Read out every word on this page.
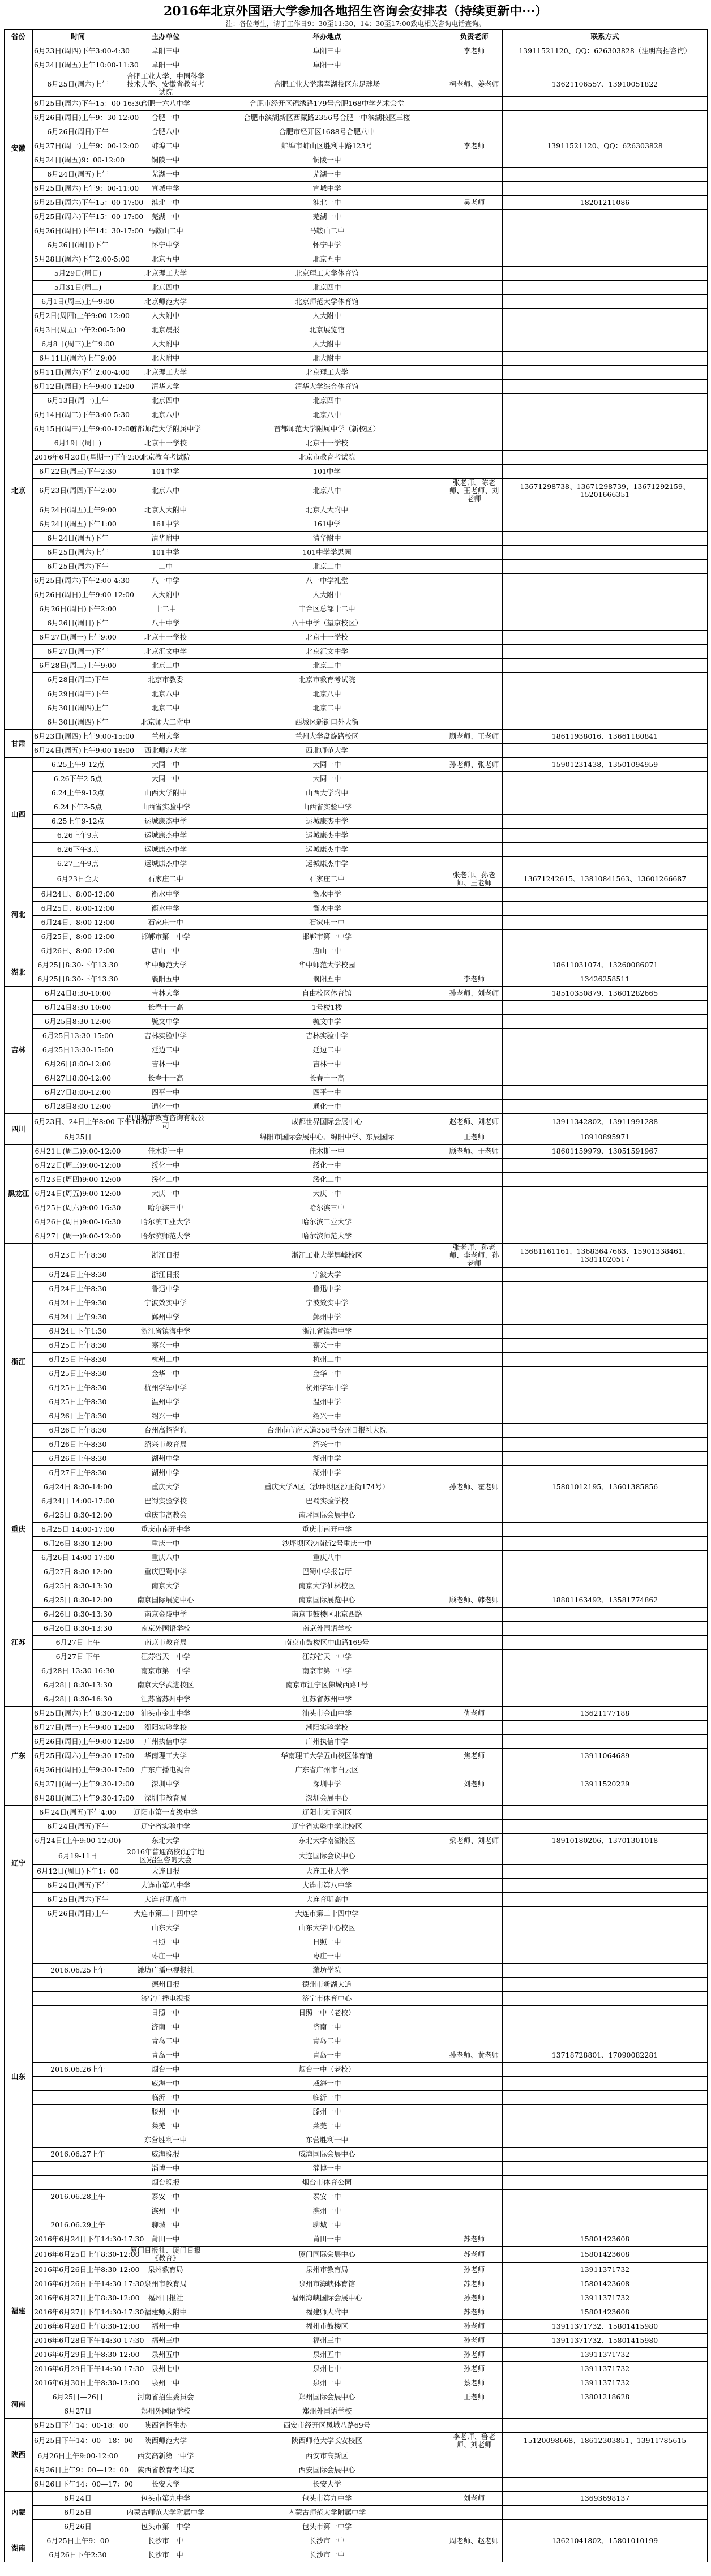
2016年北京外国语大学参加各地招生咨询会安排表（持续更新中···）
注：各位考生，请于工作日9：30至11:30，14：30至17:00致电相关咨询电话查询。
省份	时间	主办单位	举办地点	负责老师	联系方式
安徽	6月23日(周四)下午3:00-4:30	阜阳三中	阜阳三中	李老师	13911521120、QQ：626303828（注明高招咨询）
	6月24日(周五)上午10:00-11:30	阜阳一中	阜阳一中		
	6月25日(周六)上午	合肥工业大学、中国科学技术大学、安徽省教育考试院	合肥工业大学翡翠湖校区东足球场	柯老师、姜老师	13621106557、13910051822
	6月25日(周六)下午15：00-16:30	合肥一六八中学	合肥市经开区锦绣路179号合肥168中学艺术会堂		
	6月26日(周日)上午9：30-12:00	合肥一中	合肥市滨湖新区西藏路2356号合肥一中滨湖校区三楼		
	6月26日(周日)下午	合肥八中	合肥市经开区1688号合肥八中		
	6月27日(周一)上午9：00-12:00	蚌埠二中	蚌埠市蚌山区胜利中路123号	李老师	13911521120、QQ：626303828
	6月24日(周五)9：00-12:00	铜陵一中	铜陵一中		
	6月24日(周五)上午	芜湖一中	芜湖一中		
	6月25日(周六)上午9：00-11:00	宣城中学	宣城中学		
	6月25日(周六)下午15：00-17:00	淮北一中	淮北一中	吴老师	18201211086
	6月25日(周六)下午15：00-17:00	芜湖一中	芜湖一中		
	6月26日(周日)下午14：30-17:00	马鞍山二中	马鞍山二中		
	6月26日(周日)下午	怀宁中学	怀宁中学		
北京	5月28日(周六)下午2:00-5:00	北京五中	北京五中		
	5月29日(周日)	北京理工大学	北京理工大学体育馆		
	5月31日(周二)	北京四中	北京四中		
	6月1日(周三)上午9:00	北京师范大学	北京师范大学体育馆		
	6月2日(周四)上午9:00-12:00	人大附中	人大附中		
	6月3日(周五)下午2:00-5:00	北京晨报	北京展览馆		
	6月8日(周三)上午9:00	人大附中	人大附中		
	6月11日(周六)上午9:00	北大附中	北大附中		
	6月11日(周六)下午2:00-4:00	北京理工大学	北京理工大学		
	6月12日(周日)上午9:00-12:00	清华大学	清华大学综合体育馆		
	6月13日(周一)上午	北京四中	北京四中		
	6月14日(周二)下午3:00-5:30	北京八中	北京八中		
	6月15日(周三)上午9:00-12:00	首都师范大学附属中学	首都师范大学附属中学（新校区）		
	6月19日(周日)	北京十一学校	北京十一学校		
	2016年6月20日(星期一)下午2:00	北京教育考试院	北京市教育考试院		
	6月22日(周三)下午2:30	101中学	101中学		
	6月23日(周四)下午2:00	北京八中	北京八中	张老师、陈老师、王老师、刘老师	13671298738、13671298739、13671292159、15201666351
	6月24日(周五)上午9:00	北京人大附中	北京人大附中		
	6月24日(周五)下午1:00	161中学	161中学		
	6月24日(周五)下午	清华附中	清华附中		
	6月25日(周六)上午	101中学	101中学学思园		
	6月25日(周六)下午	二中	北京二中		
	6月25日(周六)下午2:00-4:30	八一中学	八一中学礼堂		
	6月26日(周日)上午9:00-12:00	人大附中	人大附中		
	6月26日(周日)下午2:00	十二中	丰台区总部十二中		
	6月26日(周日)下午	八十中学	八十中学（望京校区）		
	6月27日(周一)上午9:00	北京十一学校	北京十一学校		
	6月27日(周一)下午	北京汇文中学	北京汇文中学		
	6月28日(周二)上午9:00	北京二中	北京二中		
	6月28日(周二)下午	北京市教委	北京市教育考试院		
	6月29日(周三)下午	北京八中	北京八中		
	6月30日(周四)上午	北京二中	北京二中		
	6月30日(周四)下午	北京师大二附中	西城区新街口外大街		
甘肃	6月23日(周四)上午9:00-15:00	兰州大学	兰州大学盘旋路校区	顾老师、王老师	18611938016、13661180841
	6月24日(周五)上午9:00-18:00	西北师范大学	西北师范大学		
山西	6.25上午9-12点	大同一中	大同一中	孙老师、张老师	15901231438、13501094959
	6.26下午2-5点	大同一中	大同一中		
	6.24上午9-12点	山西大学附中	山西大学附中		
	6.24下午3-5点	山西省实验中学	山西省实验中学		
	6.25上午9-12点	运城康杰中学	运城康杰中学		
	6.26上午9点	运城康杰中学	运城康杰中学		
	6.26下午3点	运城康杰中学	运城康杰中学		
	6.27上午9点	运城康杰中学	运城康杰中学		
河北	6月23日全天	石家庄二中	石家庄二中	张老师、孙老师、王老师	13671242615、13810841563、13601266687
	6月24日、8:00-12:00	衡水中学	衡水中学		
	6月25日、8:00-12:00	衡水中学	衡水中学		
	6月24日、8:00-12:00	石家庄一中	石家庄一中		
	6月25日、8:00-12:00	邯郸市第一中学	邯郸市第一中学		
	6月26日、8:00-12:00	唐山一中	唐山一中		
湖北	6月25日8:30-下午13:30	华中师范大学	华中师范大学校园		18611031074、13260086071
	6月25日8:30-下午13:30	襄阳五中	襄阳五中	李老师	13426258511
吉林	6月24日8:30-10:00	吉林大学	自由校区体育馆	孙老师、刘老师	18510350879、13601282665
	6月24日8:30-10:00	长春十一高	1号楼1楼		
	6月25日8:30-12:00	毓文中学	毓文中学		
	6月25日13:30-15:00	吉林实验中学	吉林实验中学		
	6月25日13:30-15:00	延边二中	延边二中		
	6月26日8:00-12:00	吉林一中	吉林一中		
	6月27日8:00-12:00	长春十一高	长春十一高		
	6月27日8:00-12:00	四平一中	四平一中		
	6月28日8:00-12:00	通化一中	通化一中		
四川	6月23日、24日上午8:00-下午16:00	四川城市教育咨询有限公司	成都世界国际会展中心	赵老师、刘老师	13911342802、13911991288
	6月25日		绵阳市国际会展中心、绵阳中学、东辰国际	王老师	18910895971
黑龙江	6月21日(周二)9:00-12:00	佳木斯一中	佳木斯一中	顾老师、于老师	18601159979、13051591967
	6月22日(周三)9:00-12:00	绥化一中	绥化一中		
	6月23日(周四)9:00-12:00	绥化二中	绥化二中		
	6月24日(周五)9:00-12:00	大庆一中	大庆一中		
	6月25日(周六)9:00-16:30	哈尔滨三中	哈尔滨三中		
	6月26日(周日)9:00-16:30	哈尔滨工业大学	哈尔滨工业大学		
	6月27日(周一)9:00-12:00	哈尔滨师范大学	哈尔滨师范大学		
浙江	6月23日上午8:30	浙江日报	浙江工业大学屏峰校区	张老师、孙老师、李老师、孙老师	13681161161、13683647663、15901338461、13811020517
	6月24日上午8:30	浙江日报	宁波大学		
	6月24日上午8:30	鲁迅中学	鲁迅中学		
	6月24日上午9:30	宁波效实中学	宁波效实中学		
	6月24日上午9:30	鄞州中学	鄞州中学		
	6月24日下午1:30	浙江省镇海中学	浙江省镇海中学		
	6月25日上午8:30	嘉兴一中	嘉兴一中		
	6月25日上午8:30	杭州二中	杭州二中		
	6月25日上午8:30	金华一中	金华一中		
	6月25日上午8:30	杭州学军中学	杭州学军中学		
	6月25日上午8:30	温州中学	温州中学		
	6月26日上午8:30	绍兴一中	绍兴一中		
	6月26日上午8:30	台州高招咨询	台州市市府大道358号台州日报社大院		
	6月26日上午8:30	绍兴市教育局	绍兴一中		
	6月26日上午8:30	湖州中学	湖州中学		
	6月27日上午8:30	湖州中学	湖州中学		
重庆	6月24日 8:30-14:00	重庆大学	重庆大学A区（沙坪坝区沙正街174号）	孙老师、霍老师	15801012195、13601385856
	6月24日 14:00-17:00	巴蜀实验学校	巴蜀实验学校		
	6月25日 8:30-12:00	重庆市高教会	南坪国际会展中心		
	6月25日 14:00-17:00	重庆市南开中学	重庆市南开中学		
	6月26日 8:30-12:00	重庆一中	沙坪坝区沙南街2号重庆一中		
	6月26日 14:00-17:00	重庆八中	重庆八中		
	6月27日 8:30-12:00	重庆巴蜀中学	巴蜀中学报告厅		
江苏	6月25日 8:30-13:30	南京大学	南京大学仙林校区		
	6月25日 8:30-12:00	南京国际展览中心	南京国际展览中心	顾老师、韩老师	18801163492、13581774862
	6月26日 8:30-13:30	南京金陵中学	南京市鼓楼区北京西路		
	6月26日 8:30-13:30	南京外国语学校	南京外国语学校		
	6月27日 上午	南京市教育局	南京市鼓楼区中山路169号		
	6月27日 下午	江苏省天一中学	江苏省天一中学		
	6月28日 13:30-16:30	南京市第一中学	南京市第一中学		
	6月28日 8:30-13:30	南京大学武进校区	南京市江宁区佛城西路1号		
	6月28日 8:30-16:30	江苏省苏州中学	江苏省苏州中学		
广东	6月25日(周六)上午8:30-12:00	汕头市金山中学	汕头市金山中学	仇老师	13621177188
	6月27日(周一)上午9:00-12:00	潮阳实验学校	潮阳实验学校		
	6月26日(周日)上午9:00-12:00	广州执信中学	广州执信中学		
	6月25日(周六)上午9:30-17:00	华南理工大学	华南理工大学五山校区体育馆	焦老师	13911064689
	6月26日(周日)上午9:30-17:00	广东广播电视台	广东省广州市白云区		
	6月27日(周一)上午9:30-12:00	深圳中学	深圳中学	刘老师	13911520229
	6月28日(周二)上午9:30-17:00	深圳市教育局	深圳会展中心		
辽宁	6月24日(周五)下午4:00	辽阳市第一高级中学	辽阳市太子河区		
	6月24日(周五)下午	辽宁省实验中学	辽宁省实验中学北校区		
	6月24日(上午9:00-12:00)	东北大学	东北大学南湖校区	梁老师、刘老师	18910180206、13701301018
	6月19-11日	2016年普通高校(辽宁地区)招生咨询大会	大连国际会议中心		
	6月12日(周日)下午1：00	大连日报	大连工业大学		
	6月24日(周五)下午	大连市第八中学	大连市第八中学		
	6月25日(周六)下午	大连育明高中	大连育明高中		
	6月26日(周日)上午	大连市第二十四中学	大连市第二十四中学		
山东		山东大学	山东大学中心校区		
		日照一中	日照一中		
		枣庄一中	枣庄一中		
	2016.06.25上午	潍坊广播电视报社	潍坊学院		
		德州日报	德州市新湖大道		
		济宁广播电视报	济宁市体育中心		
		日照一中	日照一中（老校）		
		济南一中	济南一中		
		青岛二中	青岛二中		
		青岛一中	青岛一中	孙老师、黄老师	13718728801、17090082281
	2016.06.26上午	烟台一中	烟台一中（老校）		
		威海一中	威海一中		
		临沂一中	临沂一中		
		滕州一中	滕州一中		
		莱芜一中	莱芜一中		
		东营胜利一中	东营胜利一中		
	2016.06.27上午	威海晚报	威海国际会展中心		
		淄博一中	淄博一中		
		烟台晚报	烟台市体育公园		
	2016.06.28上午	泰安一中	泰安一中		
		滨州一中	滨州一中		
	2016.06.29上午	聊城一中	聊城一中		
福建	2016年6月24日下午14:30-17:30	莆田一中	莆田一中	苏老师	15801423608
	2016年6月25日上午8:30-12:00	厦门日报社、厦门日报《教育》	厦门国际会展中心	苏老师	15801423608
	2016年6月26日上午8:30-12:00	泉州教育局	泉州市教育局	孙老师	13911371732
	2016年6月26日下午14:30-17:30	泉州市教育局	泉州市海峡体育馆	苏老师	15801423608
	2016年6月27日上午8:30-12:00	福州日报社	福州海峡国际会展中心	孙老师	13911371732
	2016年6月27日下午14:30-17:30	福建师大附中	福建师大附中	苏老师	15801423608
	2016年6月28日上午8:30-12:00	福州一中	福州市鼓楼区	孙老师	13911371732、15801415980
	2016年6月28日下午14:30-17:30	福州三中	福州三中	孙老师	13911371732、15801415980
	2016年6月29日上午8:30-12:00	泉州五中	泉州五中	孙老师	13911371732
	2016年6月29日下午14:30-17:30	泉州七中	泉州七中	孙老师	13911371732
	2016年6月30日上午8:30-12:00	泉州一中	泉州一中	蔡老师	13911371732
河南	6月25日—26日	河南省招生委员会	郑州国际会展中心	王老师	13801218628
	6月27日	郑州外国语学校	郑州外国语学校		
陕西	6月25日下午14：00-18：00	陕西省招生办	西安市经开区凤城八路69号		
	6月25日下午14：00—18：00	陕西师范大学	陕西师范大学长安校区	李老师、鲁老师、刘老师	15120098668、18612303851、13911785615
	6月26日上午9:00-12:00	西安高新第一中学	西安市高新区		
	6月26日上午9：00—12：00	陕西省教育考试院	西安国际会展中心		
	6月26日下午14：00—17：00	长安大学	长安大学		
内蒙	6月24日	包头市第九中学	包头市第九中学	刘老师	13693698137
	6月25日	内蒙古师范大学附属中学	内蒙古师范大学附属中学		
	6月26日	包头市第一中学	包头市第一中学		
湖南	6月25日上午9：00	长沙市一中	长沙市一中	周老师、赵老师	13621041802、15801010199
	6月26日下午2:30	长沙市一中	长沙市一中		
